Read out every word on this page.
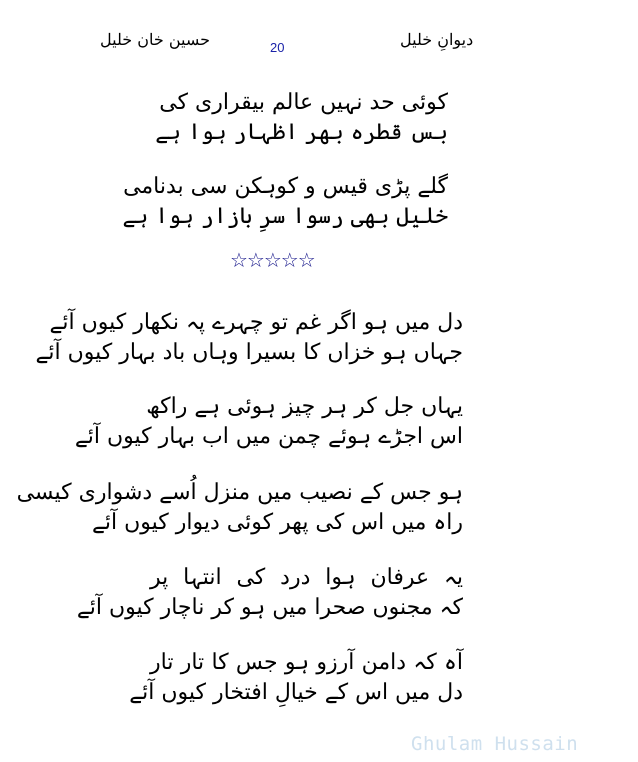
حسین خان خلیل	20	دیوانِ خلیل
کوئی حد نہیں عالم بیقراری کی
بس قطرہ بھر اظہار ہوا ہے
گلے پڑی قیس و کوہکن سی بدنامی
خلیل بھی رسوا سرِ بازار ہوا ہے
☆☆☆☆☆
دل میں ہو اگر غم تو چہرے پہ نکھار کیوں آئے
جہاں ہو خزاں کا بسیرا وہاں باد بہار کیوں آئے
یہاں جل کر ہر چیز ہوئی ہے راکھ
اس اجڑے ہوئے چمن میں اب بہار کیوں آئے
ہو جس کے نصیب میں منزل اُسے دشواری کیسی
راہ میں اس کی پھر کوئی دیوار کیوں آئے
یہ عرفان ہوا درد کی انتہا پر
کہ مجنوں صحرا میں ہو کر ناچار کیوں آئے
آہ کہ دامن آرزو ہو جس کا تار تار
دل میں اس کے خیالِ افتخار کیوں آئے
Ghulam Hussain
